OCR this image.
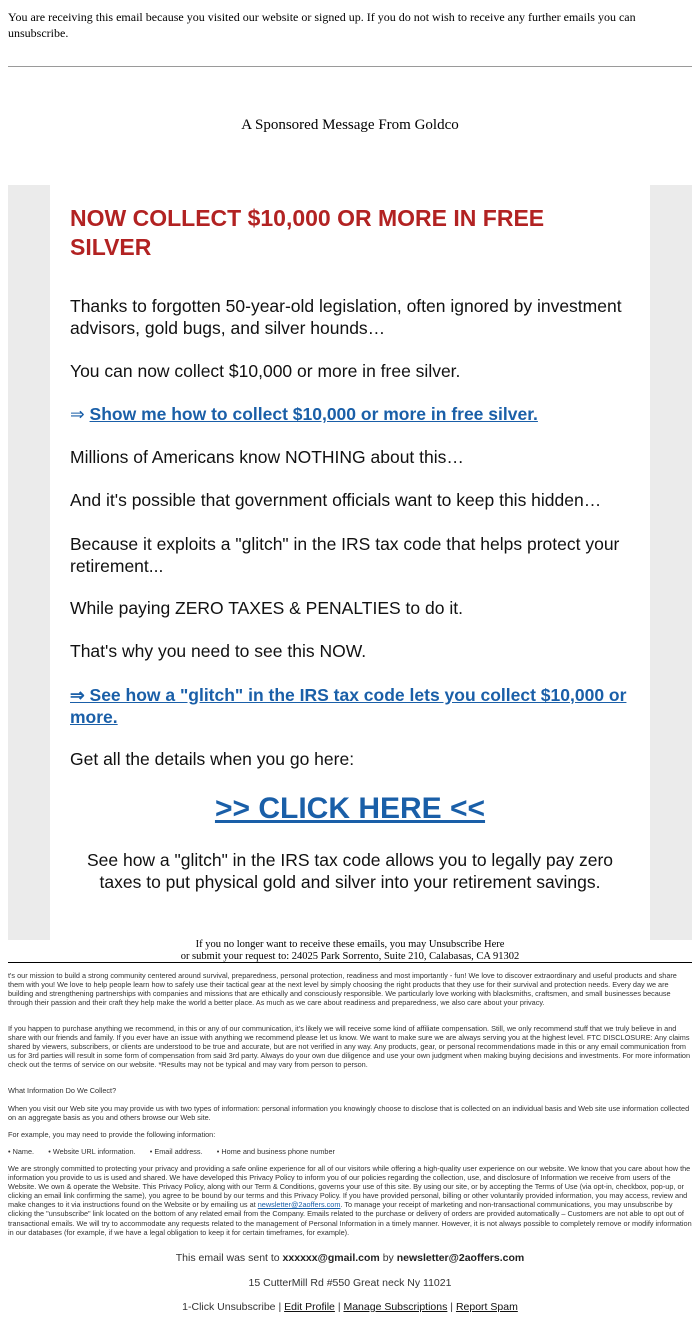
You are receiving this email because you visited our website or signed up. If you do not wish to receive any further emails you can unsubscribe.
A Sponsored Message From Goldco
NOW COLLECT $10,000 OR MORE IN FREE SILVER

Thanks to forgotten 50-year-old legislation, often ignored by investment advisors, gold bugs, and silver hounds…

You can now collect $10,000 or more in free silver.

⇒ Show me how to collect $10,000 or more in free silver.

Millions of Americans know NOTHING about this…

And it's possible that government officials want to keep this hidden…

Because it exploits a "glitch" in the IRS tax code that helps protect your retirement...

While paying ZERO TAXES & PENALTIES to do it.

That's why you need to see this NOW.

⇒ See how a "glitch" in the IRS tax code lets you collect $10,000 or more.

Get all the details when you go here:

>> CLICK HERE <<

See how a "glitch" in the IRS tax code allows you to legally pay zero taxes to put physical gold and silver into your retirement savings.

If you no longer want to receive these emails, you may Unsubscribe Here
or submit your request to: 24025 Park Sorrento, Suite 210, Calabasas, CA 91302

t's our mission to build a strong community centered around survival, preparedness, personal protection, readiness and most importantly - fun! We love to discover extraordinary and useful products and share them with you! We love to help people learn how to safely use their tactical gear at the next level by simply choosing the right products that they use for their survival and protection needs. Every day we are building and strengthening partnerships with companies and missions that are ethically and consciously responsible. We particularly love working with blacksmiths, craftsmen, and small businesses because through their passion and their craft they help make the world a better place. As much as we care about readiness and preparedness, we also care about your privacy.

If you happen to purchase anything we recommend, in this or any of our communication, it's likely we will receive some kind of affiliate compensation. Still, we only recommend stuff that we truly believe in and share with our friends and family. If you ever have an issue with anything we recommend please let us know. We want to make sure we are always serving you at the highest level. FTC DISCLOSURE: Any claims shared by viewers, subscribers, or clients are understood to be true and accurate, but are not verified in any way. Any products, gear, or personal recommendations made in this or any email communication from us for 3rd parties will result in some form of compensation from said 3rd party. Always do your own due diligence and use your own judgment when making buying decisions and investments. For more information check out the terms of service on our website. *Results may not be typical and may vary from person to person.

What Information Do We Collect?

When you visit our Web site you may provide us with two types of information: personal information you knowingly choose to disclose that is collected on an individual basis and Web site use information collected on an aggregate basis as you and others browse our Web site.

For example, you may need to provide the following information:

• Name.       • Website URL information.       • Email address.       • Home and business phone number

We are strongly committed to protecting your privacy and providing a safe online experience for all of our visitors while offering a high-quality user experience on our website. We know that you care about how the information you provide to us is used and shared. We have developed this Privacy Policy to inform you of our policies regarding the collection, use, and disclosure of Information we receive from users of the Website. We own & operate the Website. This Privacy Policy, along with our Term & Conditions, governs your use of this site. By using our site, or by accepting the Terms of Use (via opt-in, checkbox, pop-up, or clicking an email link confirming the same), you agree to be bound by our terms and this Privacy Policy. If you have provided personal, billing or other voluntarily provided information, you may access, review and make changes to it via instructions found on the Website or by emailing us at newsletter@2aoffers.com. To manage your receipt of marketing and non-transactional communications, you may unsubscribe by clicking the "unsubscribe" link located on the bottom of any related email from the Company. Emails related to the purchase or delivery of orders are provided automatically – Customers are not able to opt out of transactional emails. We will try to accommodate any requests related to the management of Personal Information in a timely manner. However, it is not always possible to completely remove or modify information in our databases (for example, if we have a legal obligation to keep it for certain timeframes, for example).

This email was sent to xxxxxx@gmail.com by newsletter@2aoffers.com
15 CutterMill Rd #550 Great neck Ny 11021
1-Click Unsubscribe | Edit Profile | Manage Subscriptions | Report Spam
